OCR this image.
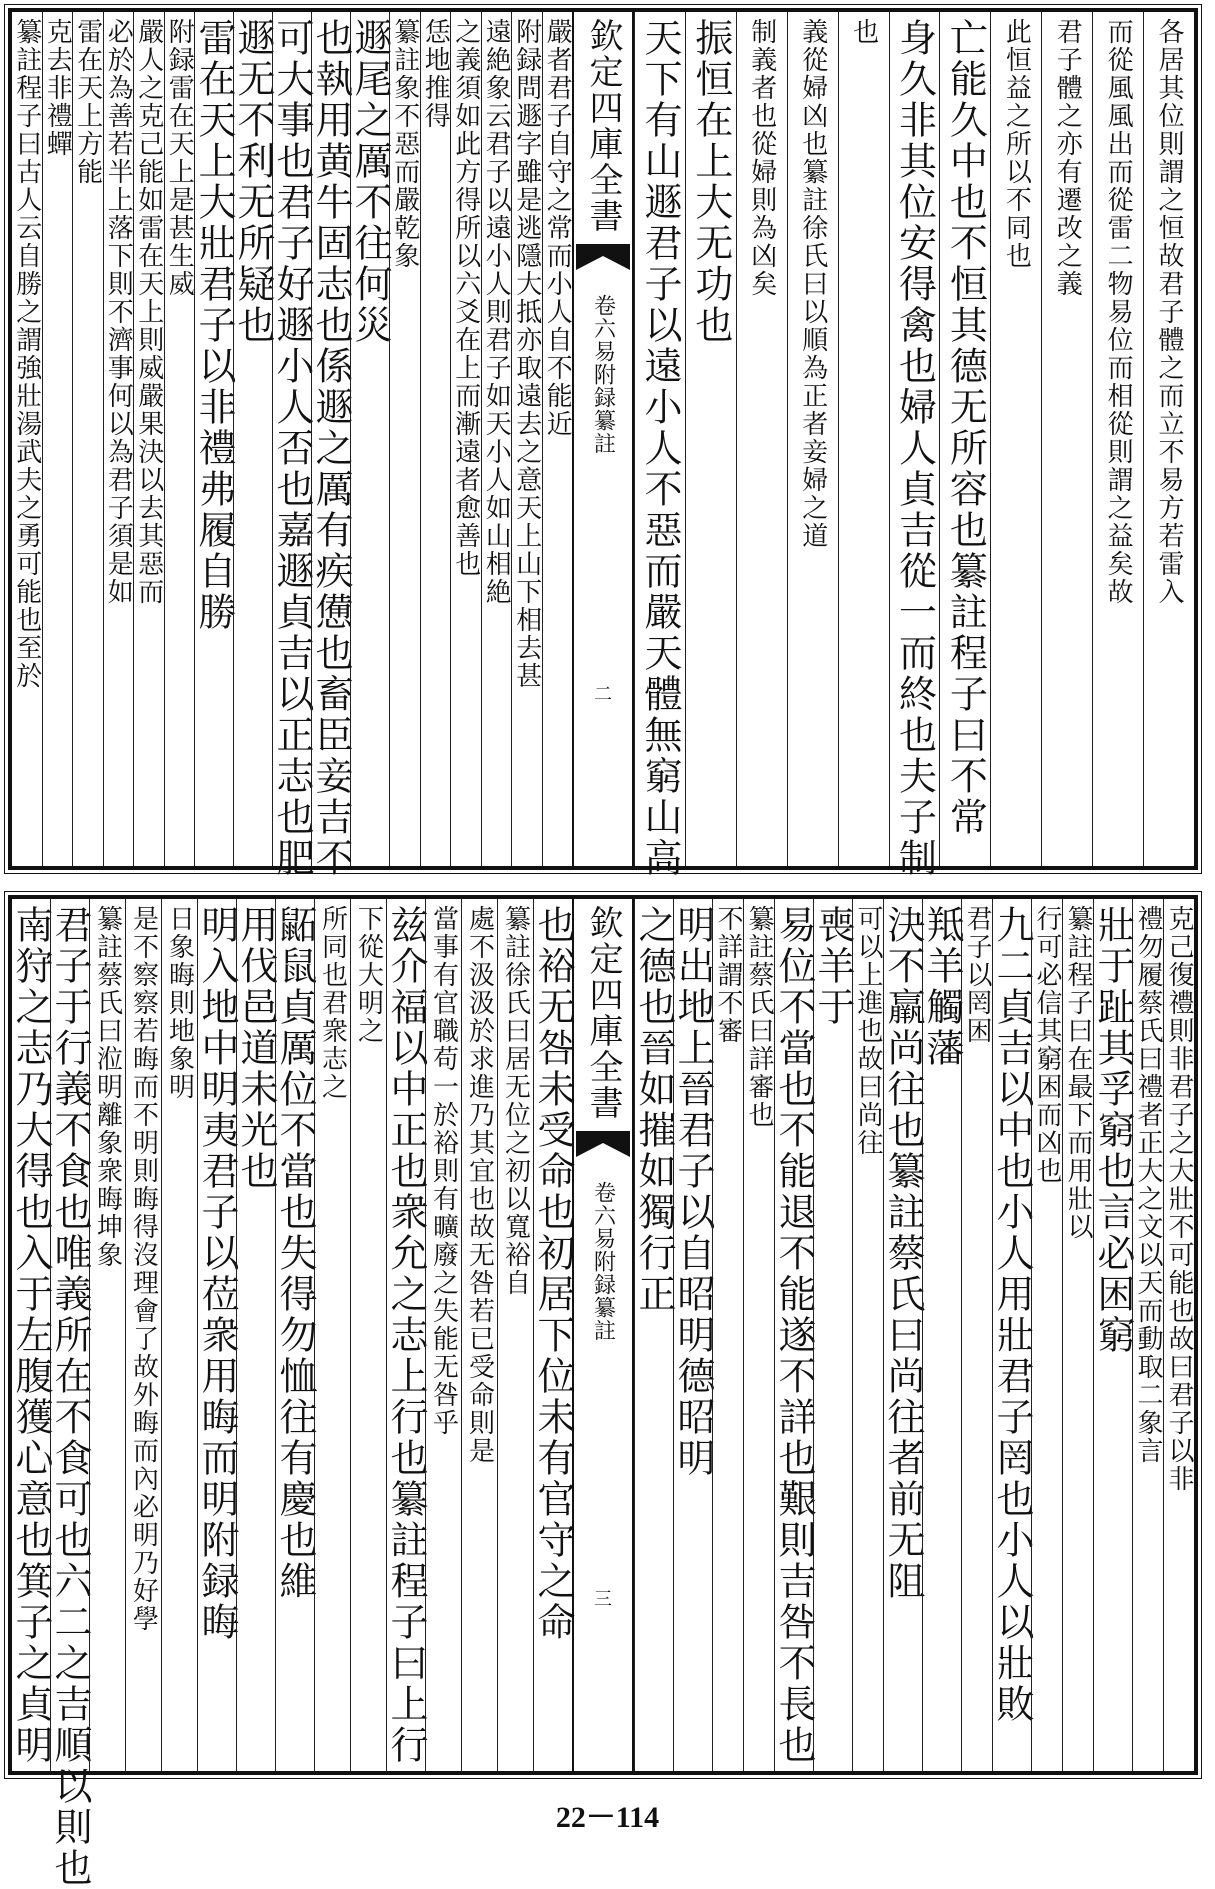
各居其位則謂之恒故君子體之而立不易方若雷入
而從風風出而從雷二物易位而相從則謂之益矣故
君子體之亦有遷改之義
此恒益之所以不同也
亡能久中也不恒其德无所容也纂註程子曰不常
身久非其位安得禽也婦人貞吉從一而終也夫子制
也
義從婦凶也纂註徐氏曰以順為正者妾婦之道
制義者也從婦則為凶矣
振恒在上大无功也
天下有山遯君子以遠小人不惡而嚴天體無窮山高
欽定四庫全書
易附録纂註
卷六
二
嚴者君子自守之常而小人自不能近
附録問遯字雖是逃隱大抵亦取遠去之意天上山下相去甚
遠絶象云君子以遠小人則君子如天小人如山相絶
之義須如此方得所以六爻在上而漸遠者愈善也
恁地推得
纂註象不惡而嚴乾象
遯尾之厲不往何災
也執用黄牛固志也係遯之厲有疾憊也畜臣妾吉不
可大事也君子好遯小人否也嘉遯貞吉以正志也肥
遯无不利无所疑也
雷在天上大壯君子以非禮弗履自勝
附録雷在天上是甚生威
嚴人之克己能如雷在天上則威嚴果決以去其惡而
必於為善若半上落下則不濟事何以為君子須是如
雷在天上方能
克去非禮蟬
纂註程子曰古人云自勝之謂強壯湯武夫之勇可能也至於
克己復禮則非君子之大壯不可能也故曰君子以非
禮勿履蔡氏曰禮者正大之文以天而動取二象言
壯于趾其孚窮也言必困窮
纂註程子曰在最下而用壯以
行可必信其窮困而凶也
九二貞吉以中也小人用壯君子罔也小人以壯敗
君子以罔困
羝羊觸藩
決不羸尚往也纂註蔡氏曰尚往者前无阻
可以上進也故曰尚往
喪羊于
易位不當也不能退不能遂不詳也艱則吉咎不長也
纂註蔡氏曰詳審也
不詳謂不審
明出地上晉君子以自昭明德昭明
之德也晉如摧如獨行正
欽定四庫全書
易附録纂註
卷六
三
也裕无咎未受命也初居下位未有官守之命
纂註徐氏曰居无位之初以寬裕自
處不汲汲於求進乃其宜也故无咎若已受命則是
當事有官職苟一於裕則有曠廢之失能无咎乎
兹介福以中正也衆允之志上行也纂註程子曰上行
下從大明之
所同也君衆志之
鼫鼠貞厲位不當也失得勿恤往有慶也維
用伐邑道未光也
明入地中明夷君子以莅衆用晦而明附録晦
日象晦則地象明
是不察察若晦而不明則晦得沒理會了故外晦而內必明乃好學
纂註蔡氏曰涖明離象衆晦坤象
君子于行義不食也唯義所在不食可也六二之吉順以則也
南狩之志乃大得也入于左腹獲心意也箕子之貞明
22－114
